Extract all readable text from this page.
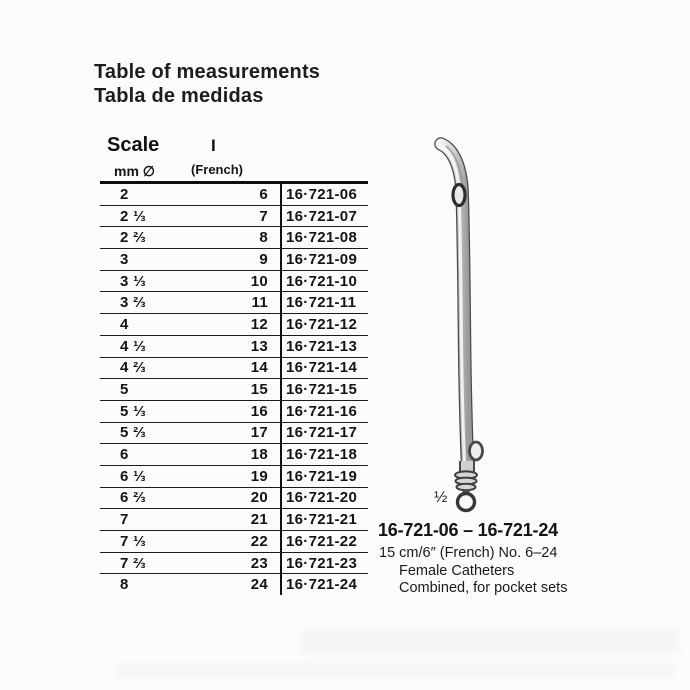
Table of measurements
Tabla de medidas
Scale
mm ∅
I
(French)
2	6	16·721-06
2 ⅓	7	16·721-07
2 ⅔	8	16·721-08
3	9	16·721-09
3 ⅓	10	16·721-10
3 ⅔	11	16·721-11
4	12	16·721-12
4 ⅓	13	16·721-13
4 ⅔	14	16·721-14
5	15	16·721-15
5 ⅓	16	16·721-16
5 ⅔	17	16·721-17
6	18	16·721-18
6 ⅓	19	16·721-19
6 ⅔	20	16·721-20
7	21	16·721-21
7 ⅓	22	16·721-22
7 ⅔	23	16·721-23
8	24	16·721-24
½
16-721-06 – 16-721-24
15 cm/6″ (French) No. 6–24
Female Catheters
Combined, for pocket sets
